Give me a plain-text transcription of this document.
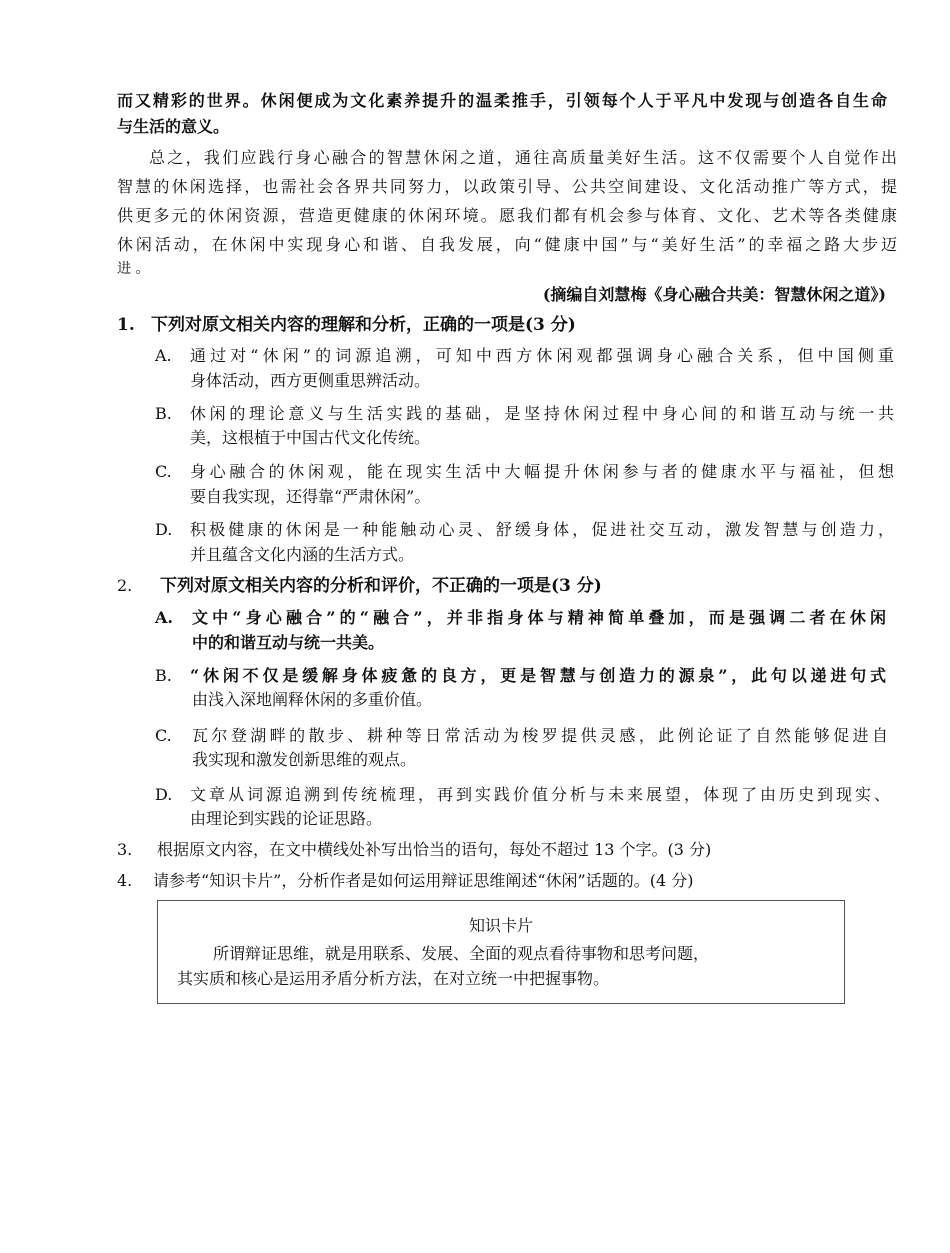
而又精彩的世界。休闲便成为文化素养提升的温柔推手，引领每个人于平凡中发现与创造各自生命
与生活的意义。
总之，我们应践行身心融合的智慧休闲之道，通往高质量美好生活。这不仅需要个人自觉作出
智慧的休闲选择，也需社会各界共同努力，以政策引导、公共空间建设、文化活动推广等方式，提
供更多元的休闲资源，营造更健康的休闲环境。愿我们都有机会参与体育、文化、艺术等各类健康
休闲活动，在休闲中实现身心和谐、自我发展，向“健康中国”与“美好生活”的幸福之路大步迈
进 。
(摘编自刘慧梅《身心融合共美：智慧休闲之道》)
1. 下列对原文相关内容的理解和分析，正确的一项是(3 分)
A. 通过对“休闲”的词源追溯，可知中西方休闲观都强调身心融合关系，但中国侧重
身体活动，西方更侧重思辨活动。
B. 休闲的理论意义与生活实践的基础，是坚持休闲过程中身心间的和谐互动与统一共
美，这根植于中国古代文化传统。
C. 身心融合的休闲观，能在现实生活中大幅提升休闲参与者的健康水平与福祉，但想
要自我实现，还得靠“严肃休闲”。
D. 积极健康的休闲是一种能触动心灵、舒缓身体，促进社交互动，激发智慧与创造力，
并且蕴含文化内涵的生活方式。
2. 下列对原文相关内容的分析和评价，不正确的一项是(3 分)
A. 文中“身心融合”的“融合”，并非指身体与精神简单叠加，而是强调二者在休闲
中的和谐互动与统一共美。
B. “休闲不仅是缓解身体疲惫的良方，更是智慧与创造力的源泉”，此句以递进句式
由浅入深地阐释休闲的多重价值。
C. 瓦尔登湖畔的散步、耕种等日常活动为梭罗提供灵感，此例论证了自然能够促进自
我实现和激发创新思维的观点。
D. 文章从词源追溯到传统梳理，再到实践价值分析与未来展望，体现了由历史到现实、
由理论到实践的论证思路。
3. 根据原文内容，在文中横线处补写出恰当的语句，每处不超过 13 个字。(3 分)
4. 请参考“知识卡片”，分析作者是如何运用辩证思维阐述“休闲”话题的。(4 分)
知识卡片
所谓辩证思维，就是用联系、发展、全面的观点看待事物和思考问题，
其实质和核心是运用矛盾分析方法，在对立统一中把握事物。
